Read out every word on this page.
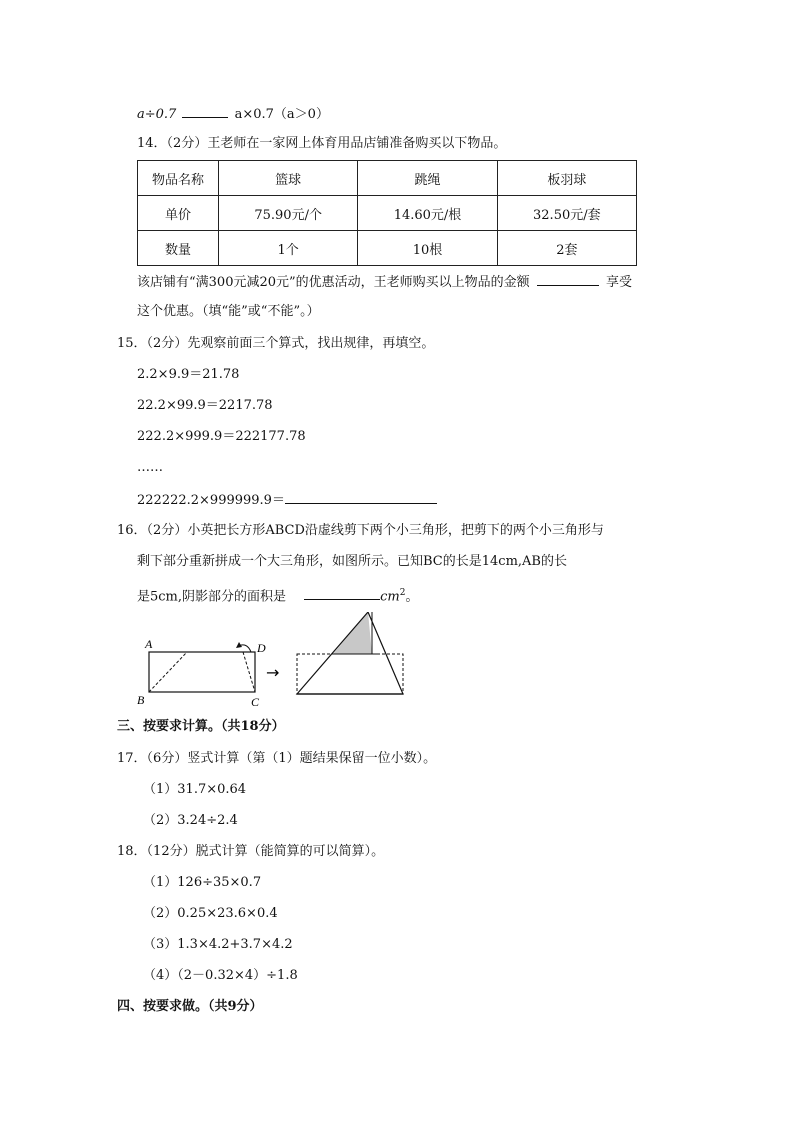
a÷0.7	a×0.7（a＞0）
14．（2分）王老师在一家网上体育用品店铺准备购买以下物品。
物品名称	篮球	跳绳	板羽球
单价	75.90元/个	14.60元/根	32.50元/套
数量	1个	10根	2套
该店铺有“满300元减20元”的优惠活动，王老师购买以上物品的金额	享受
这个优惠。（填“能”或“不能”。）
15．（2分）先观察前面三个算式，找出规律，再填空。
2.2×9.9＝21.78
22.2×99.9＝2217.78
222.2×999.9＝222177.78
……
222222.2×999999.9＝
16．（2分）小英把长方形ABCD沿虚线剪下两个小三角形，把剪下的两个小三角形与
剩下部分重新拼成一个大三角形，如图所示。已知BC的长是14cm,AB的长
是5cm,阴影部分的面积是	$cm^2$。
A
B	C
D
→
三、按要求计算。（共18分）
17．（6分）竖式计算（第（1）题结果保留一位小数）。
（1）31.7×0.64
（2）3.24÷2.4
18．（12分）脱式计算（能简算的可以简算）。
（1）126÷35×0.7
（2）0.25×23.6×0.4
（3）1.3×4.2+3.7×4.2
（4）（2－0.32×4）÷1.8
四、按要求做。（共9分）
